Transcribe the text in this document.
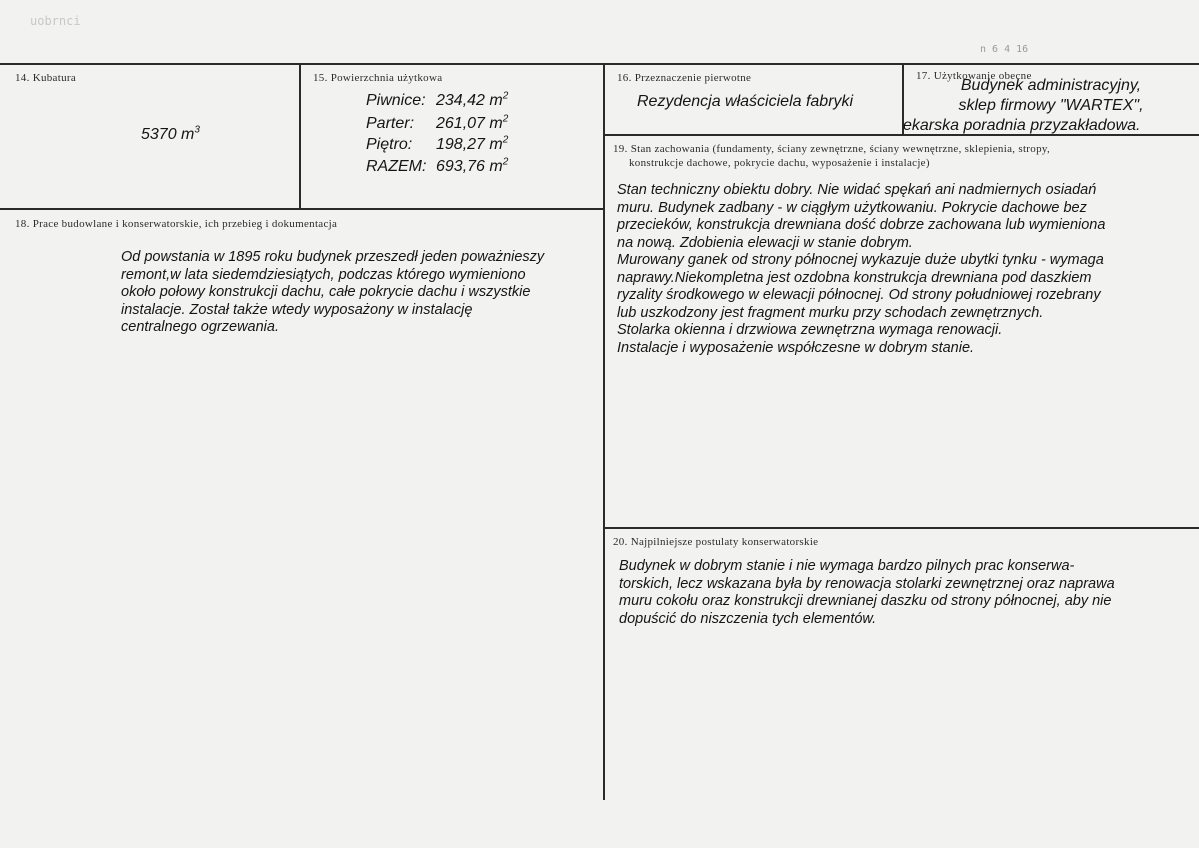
uobrnci
n 6 4 16
14. Kubatura
5370 $m^3$
15. Powierzchnia użytkowa
Piwnice: 234,42 $m^2$
Parter: 261,07 $m^2$
Piętro: 198,27 $m^2$
RAZEM: 693,76 $m^2$
16. Przeznaczenie pierwotne
Rezydencja właściciela fabryki
17. Użytkowanie obecne

Budynek administracyjny,

sklep firmowy "WARTEX",

ekarska poradnia przyzakładowa.

18. Prace budowlane i konserwatorskie, ich przebieg i dokumentacja

Od powstania w 1895 roku budynek przeszedł jeden poważnieszy

remont,w lata siedemdziesiątych, podczas którego wymieniono

około połowy konstrukcji dachu, całe pokrycie dachu i wszystkie

instalacje. Został także wtedy wyposażony w instalację

centralnego ogrzewania.

19. Stan zachowania (fundamenty, ściany zewnętrzne, ściany wewnętrzne, sklepienia, stropy,
konstrukcje dachowe, pokrycie dachu, wyposażenie i instalacje)

Stan techniczny obiektu dobry. Nie widać spękań ani nadmiernych osiadań

muru. Budynek zadbany - w ciągłym użytkowaniu. Pokrycie dachowe bez

przecieków, konstrukcja drewniana dość dobrze zachowana lub wymieniona

na nową. Zdobienia elewacji w stanie dobrym.

Murowany ganek od strony północnej wykazuje duże ubytki tynku - wymaga

naprawy.Niekompletna jest ozdobna konstrukcja drewniana pod daszkiem

ryzality środkowego w elewacji północnej. Od strony południowej rozebrany

lub uszkodzony jest fragment murku przy schodach zewnętrznych.

Stolarka okienna i drzwiowa zewnętrzna wymaga renowacji.

Instalacje i wyposażenie współczesne w dobrym stanie.

20. Najpilniejsze postulaty konserwatorskie

Budynek w dobrym stanie i nie wymaga bardzo pilnych prac konserwa-

torskich, lecz wskazana była by renowacja stolarki zewnętrznej oraz naprawa

muru cokołu oraz konstrukcji drewnianej daszku od strony północnej, aby nie

dopuścić do niszczenia tych elementów.
